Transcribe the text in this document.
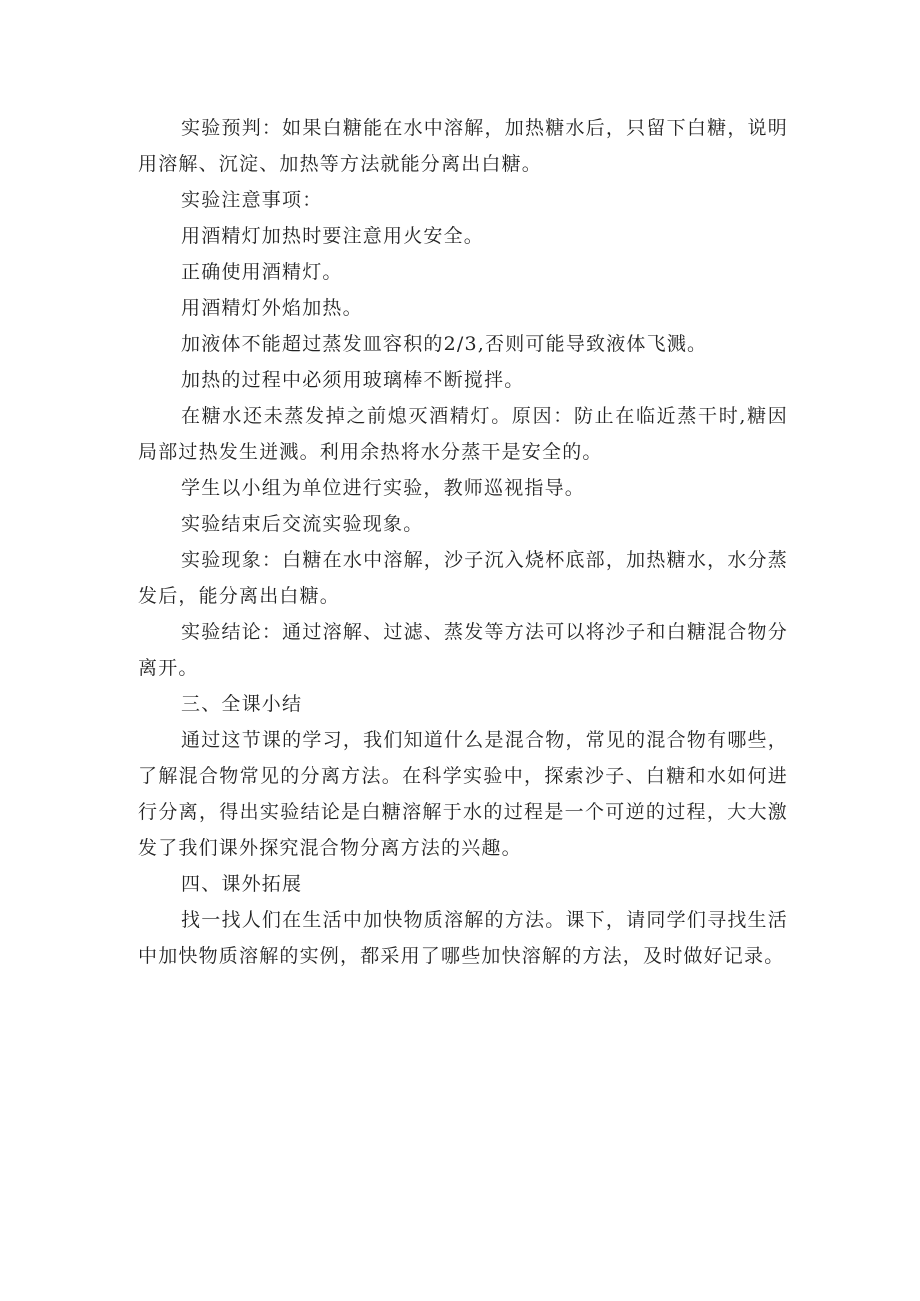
实验预判：如果白糖能在水中溶解，加热糖水后，只留下白糖，说明用溶解、沉淀、加热等方法就能分离出白糖。

实验注意事项：

用酒精灯加热时要注意用火安全。

正确使用酒精灯。

用酒精灯外焰加热。

加液体不能超过蒸发皿容积的2/3,否则可能导致液体飞溅。

加热的过程中必须用玻璃棒不断搅拌。

在糖水还未蒸发掉之前熄灭酒精灯。原因：防止在临近蒸干时,糖因局部过热发生迸溅。利用余热将水分蒸干是安全的。

学生以小组为单位进行实验，教师巡视指导。

实验结束后交流实验现象。

实验现象：白糖在水中溶解，沙子沉入烧杯底部，加热糖水，水分蒸发后，能分离出白糖。

实验结论：通过溶解、过滤、蒸发等方法可以将沙子和白糖混合物分离开。

三、全课小结

通过这节课的学习，我们知道什么是混合物，常见的混合物有哪些，了解混合物常见的分离方法。在科学实验中，探索沙子、白糖和水如何进行分离，得出实验结论是白糖溶解于水的过程是一个可逆的过程，大大激发了我们课外探究混合物分离方法的兴趣。

四、课外拓展

找一找人们在生活中加快物质溶解的方法。课下，请同学们寻找生活中加快物质溶解的实例，都采用了哪些加快溶解的方法，及时做好记录。
